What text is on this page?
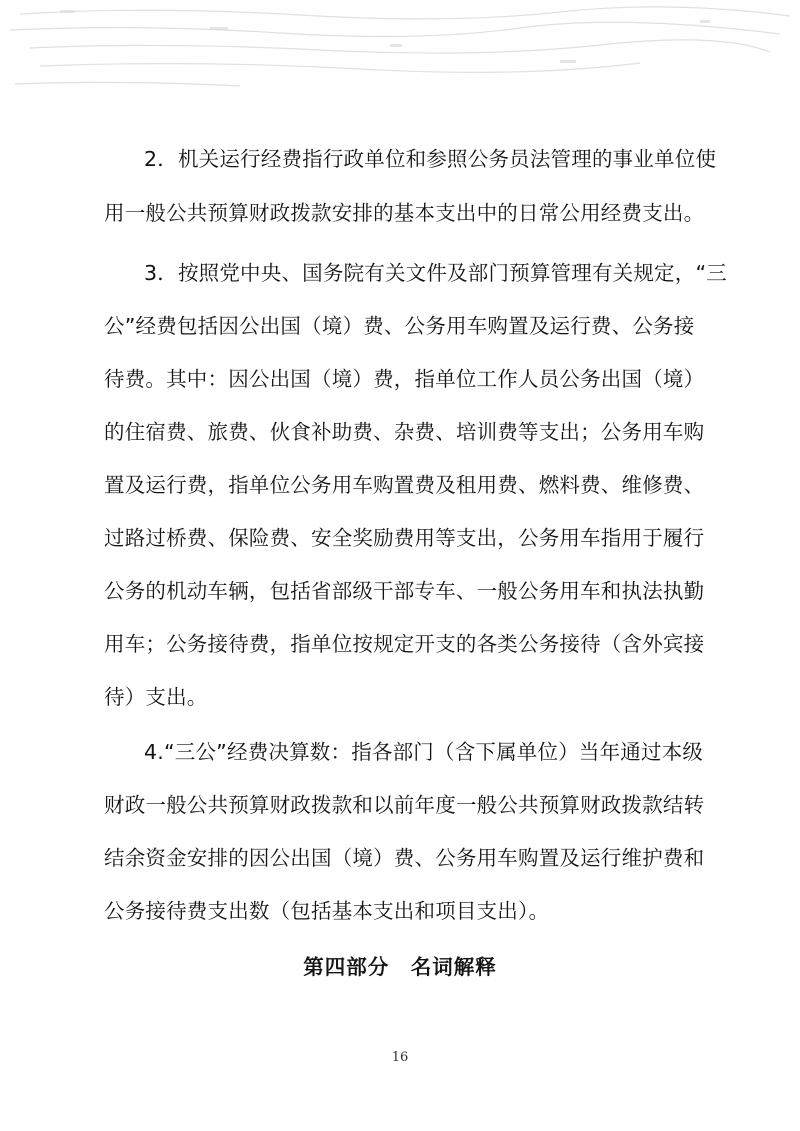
2．机关运行经费指行政单位和参照公务员法管理的事业单位使
用一般公共预算财政拨款安排的基本支出中的日常公用经费支出。
3．按照党中央、国务院有关文件及部门预算管理有关规定，“三
公”经费包括因公出国（境）费、公务用车购置及运行费、公务接
待费。其中：因公出国（境）费，指单位工作人员公务出国（境）
的住宿费、旅费、伙食补助费、杂费、培训费等支出；公务用车购
置及运行费，指单位公务用车购置费及租用费、燃料费、维修费、
过路过桥费、保险费、安全奖励费用等支出，公务用车指用于履行
公务的机动车辆，包括省部级干部专车、一般公务用车和执法执勤
用车；公务接待费，指单位按规定开支的各类公务接待（含外宾接
待）支出。
4.“三公”经费决算数：指各部门（含下属单位）当年通过本级
财政一般公共预算财政拨款和以前年度一般公共预算财政拨款结转
结余资金安排的因公出国（境）费、公务用车购置及运行维护费和
公务接待费支出数（包括基本支出和项目支出）。
第四部分　名词解释
16
